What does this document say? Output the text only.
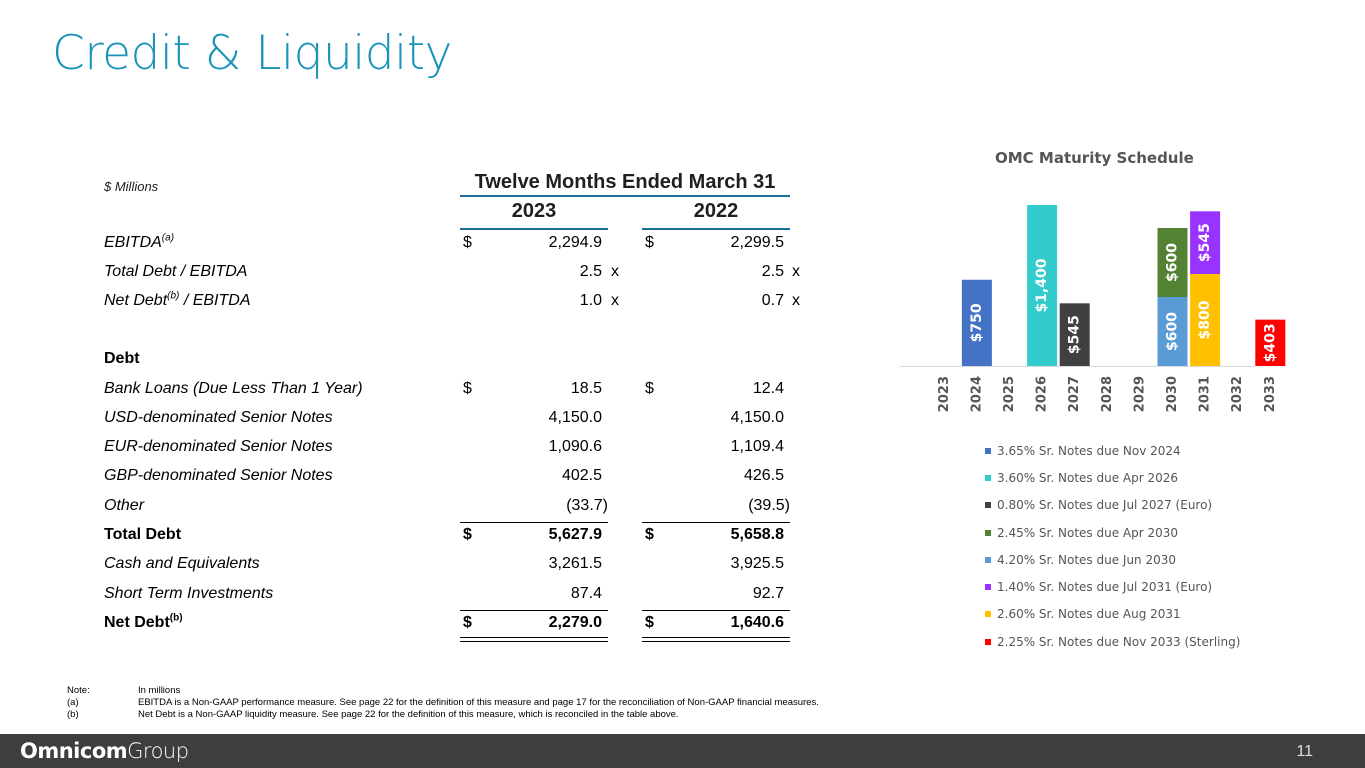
Credit & Liquidity
$ Millions	Twelve Months Ended March 31
2023	2022
EBITDA$^{(a)}$	$	2,294.9	$	2,299.5
Total Debt / EBITDA	2.5 x	2.5 x
Net Debt$^{(b)}$ / EBITDA	1.0 x	0.7 x
Debt
Bank Loans (Due Less Than 1 Year)	$	18.5	$	12.4
USD-denominated Senior Notes	4,150.0	4,150.0
EUR-denominated Senior Notes	1,090.6	1,109.4
GBP-denominated Senior Notes	402.5	426.5
Other	(33.7)	(39.5)
Total Debt	$	5,627.9	$	5,658.8
Cash and Equivalents	3,261.5	3,925.5
Short Term Investments	87.4	92.7
Net Debt$^{(b)}$	$	2,279.0	$	1,640.6
OMC Maturity Schedule
2023
$750
2024 2025
$1,400
2026
$545
2027 2028 2029
$600
$600
2030
$800
$545
2031 2032
$403
2033
3.65% Sr. Notes due Nov 2024
3.60% Sr. Notes due Apr 2026
0.80% Sr. Notes due Jul 2027 (Euro)
2.45% Sr. Notes due Apr 2030
4.20% Sr. Notes due Jun 2030
1.40% Sr. Notes due Jul 2031 (Euro)
2.60% Sr. Notes due Aug 2031
2.25% Sr. Notes due Nov 2033 (Sterling)
Note:	In millions
(a)	EBITDA is a Non-GAAP performance measure. See page 22 for the definition of this measure and page 17 for the reconciliation of Non-GAAP financial measures.
(b)	Net Debt is a Non-GAAP liquidity measure. See page 22 for the definition of this measure, which is reconciled in the table above.
OmnicomGroup	11
